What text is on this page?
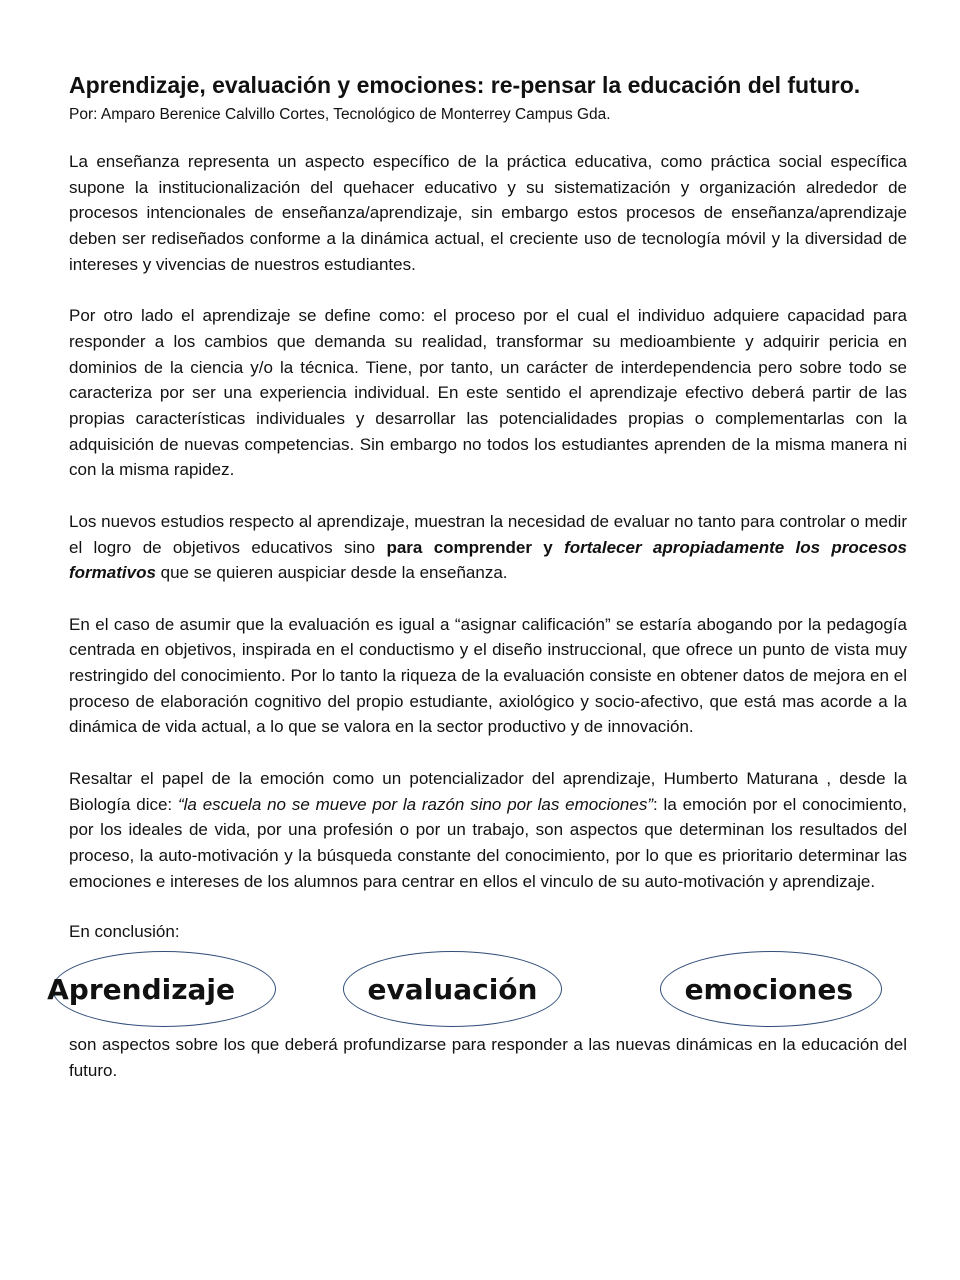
Aprendizaje, evaluación y emociones: re-pensar la educación del futuro.
Por: Amparo Berenice Calvillo Cortes, Tecnológico de Monterrey Campus Gda.

La enseñanza representa un aspecto específico de la práctica educativa, como práctica social específica supone la institucionalización del quehacer educativo y su sistematización y organización alrededor de procesos intencionales de enseñanza/aprendizaje, sin embargo estos procesos de enseñanza/aprendizaje deben ser rediseñados conforme a la dinámica actual, el creciente uso de tecnología móvil y la diversidad de intereses y vivencias de nuestros estudiantes.

Por otro lado el aprendizaje se define como: el proceso por el cual el individuo adquiere capacidad para responder a los cambios que demanda su realidad, transformar su medioambiente y adquirir pericia en dominios de la ciencia y/o la técnica. Tiene, por tanto, un carácter de interdependencia pero sobre todo se caracteriza por ser una experiencia individual. En este sentido el aprendizaje efectivo deberá partir de las propias características individuales y desarrollar las potencialidades propias o complementarlas con la adquisición de nuevas competencias. Sin embargo no todos los estudiantes aprenden de la misma manera ni con la misma rapidez.

Los nuevos estudios respecto al aprendizaje, muestran la necesidad de evaluar no tanto para controlar o medir el logro de objetivos educativos sino para comprender y fortalecer apropiadamente los procesos formativos que se quieren auspiciar desde la enseñanza.

En el caso de asumir que la evaluación es igual a “asignar calificación” se estaría abogando por la pedagogía centrada en objetivos, inspirada en el conductismo y el diseño instruccional, que ofrece un punto de vista muy restringido del conocimiento. Por lo tanto la riqueza de la evaluación consiste en obtener datos de mejora en el proceso de elaboración cognitivo del propio estudiante, axiológico y socio-afectivo, que está mas acorde a la dinámica de vida actual, a lo que se valora en la sector productivo y de innovación.

Resaltar el papel de la emoción como un potencializador del aprendizaje, Humberto Maturana , desde la Biología dice: “la escuela no se mueve por la razón sino por las emociones”: la emoción por el conocimiento, por los ideales de vida, por una profesión o por un trabajo, son aspectos que determinan los resultados del proceso, la auto-motivación y la búsqueda constante del conocimiento, por lo que es prioritario determinar las emociones e intereses de los alumnos para centrar en ellos el vinculo de su auto-motivación y aprendizaje.

En conclusión:

Aprendizaje	evaluación	emociones

son aspectos sobre los que deberá profundizarse para responder a las nuevas dinámicas en la educación del futuro.
